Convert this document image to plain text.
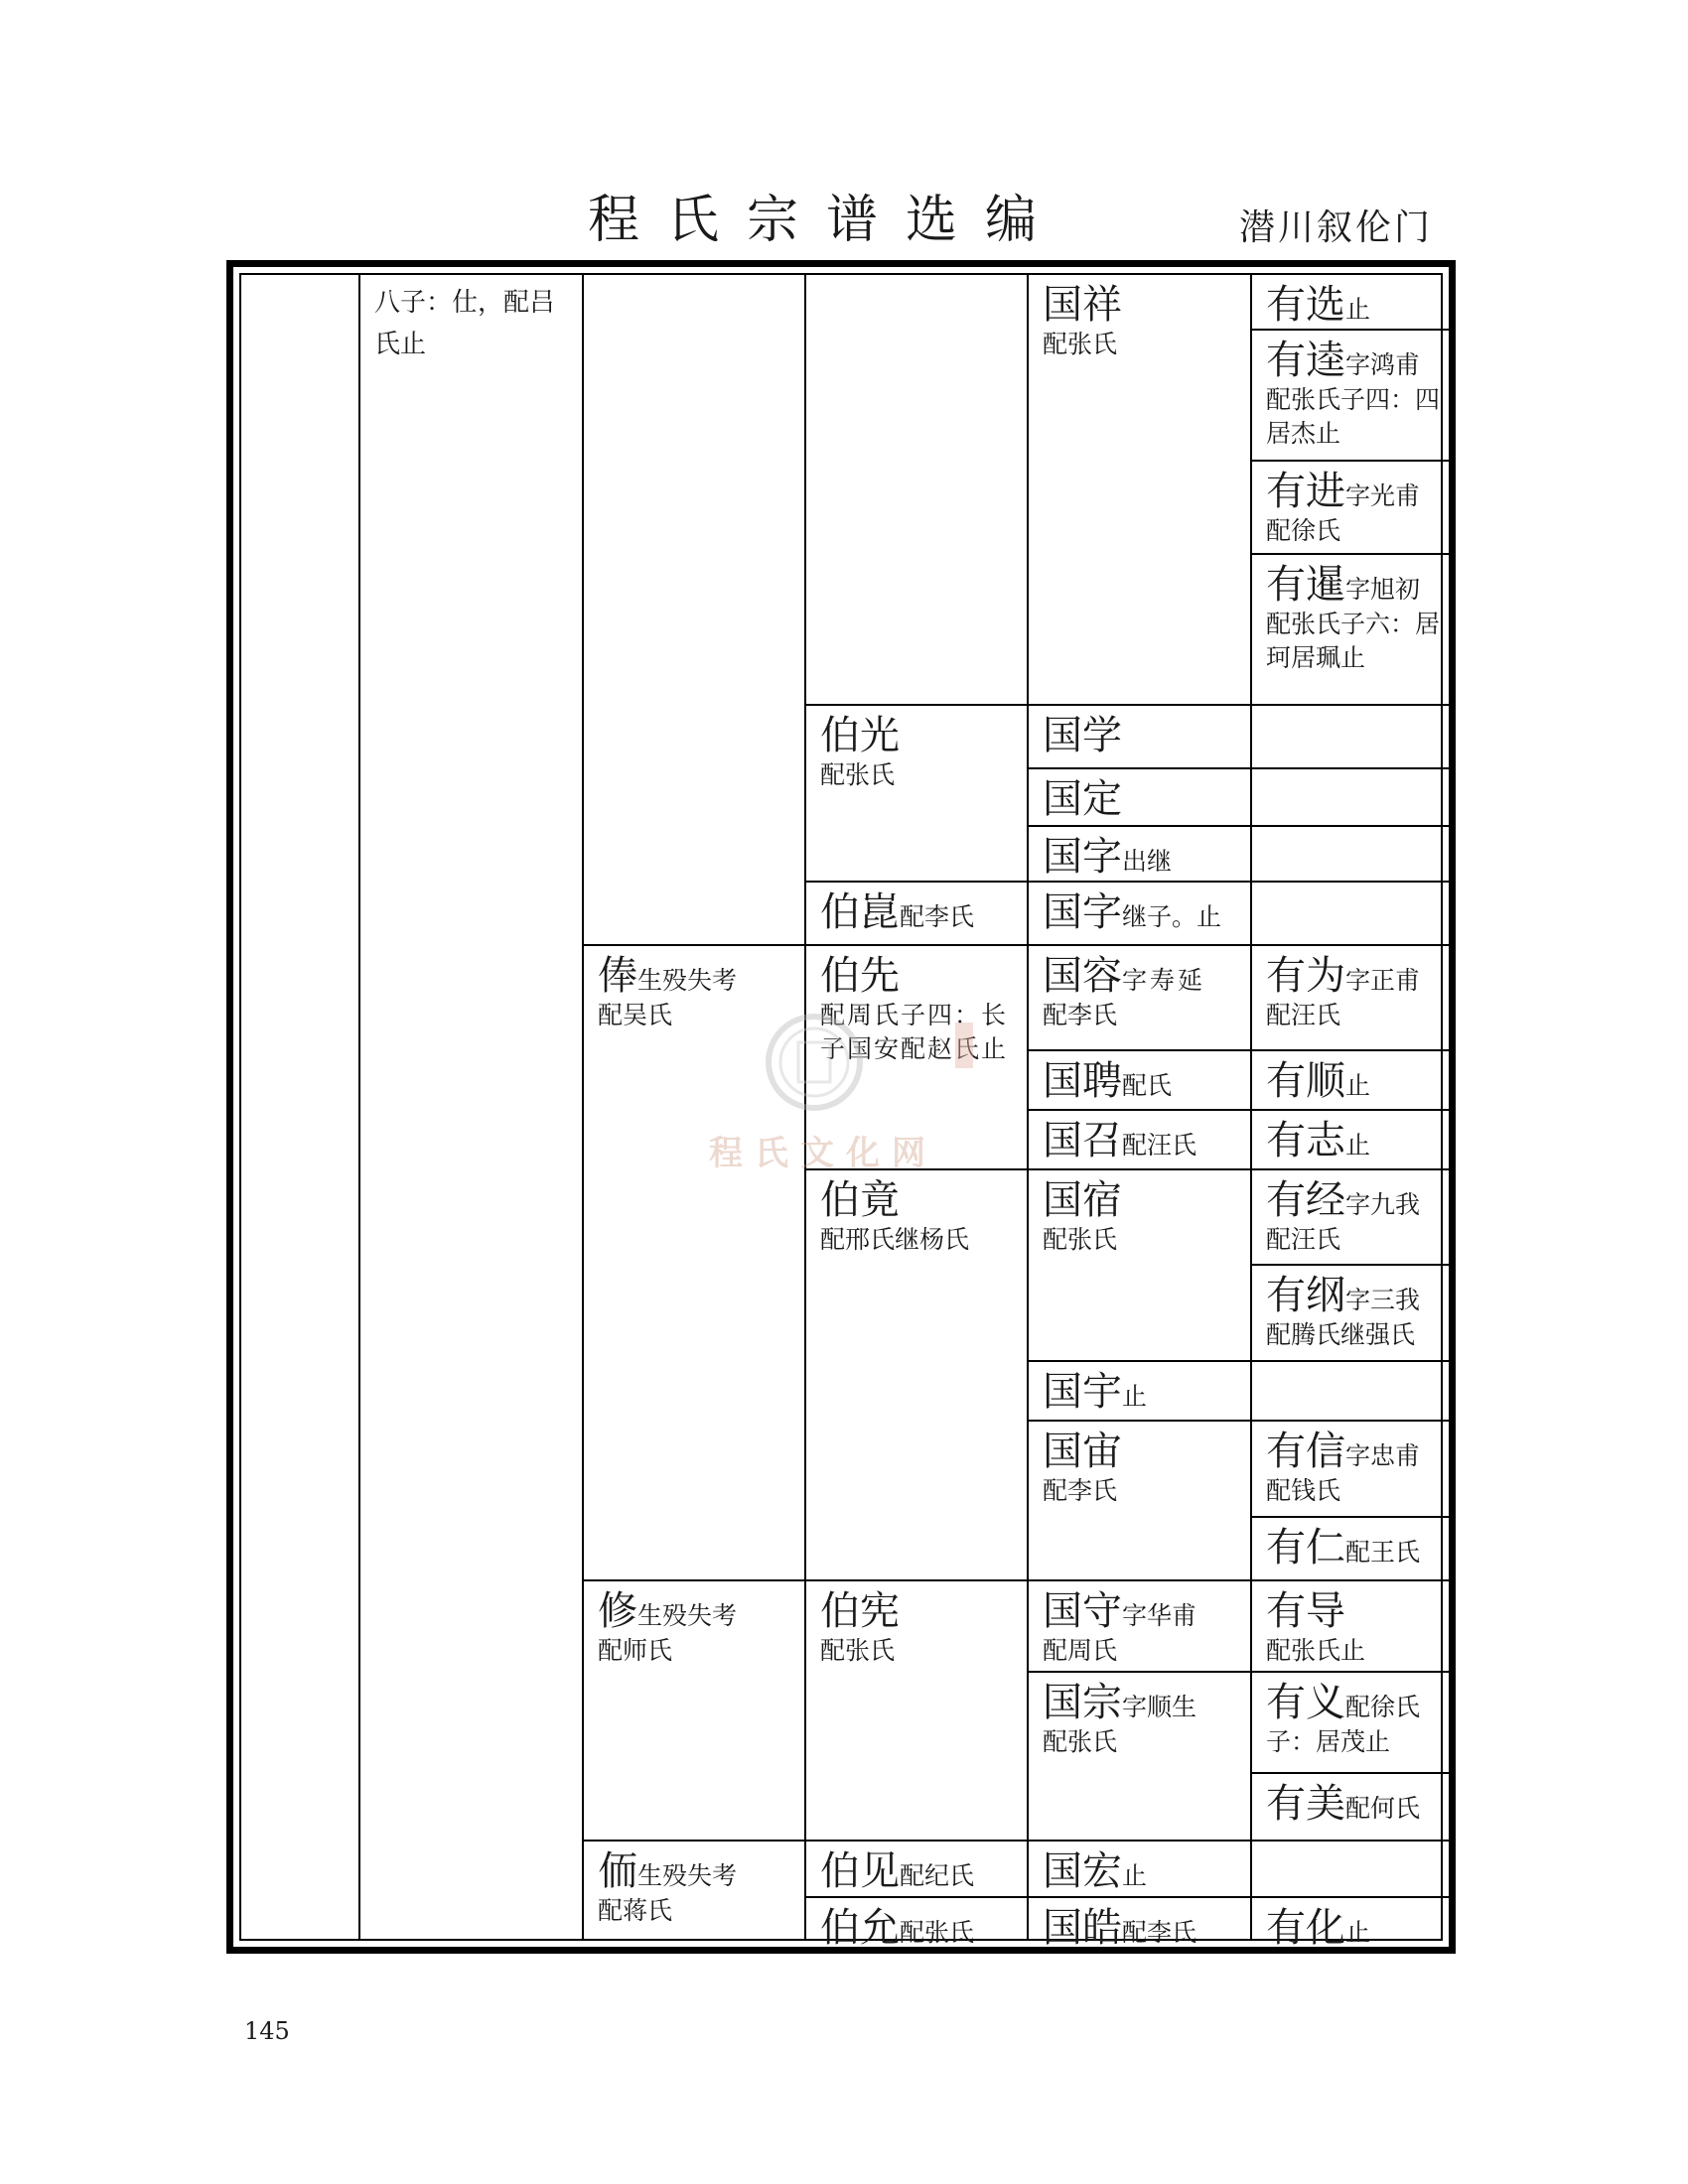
程氏宗谱选编	潜川叙伦门
八子：仕，配吕氏止
俸生殁失考
配吴氏
修生殁失考
配师氏
侕生殁失考
配蒋氏
伯光
配张氏
伯崑配李氏
伯先
配周氏子四：长子国安配赵氏止
伯竟
配邢氏继杨氏
伯宪
配张氏
伯见配纪氏
伯允配张氏
国祥
配张氏
国学
国定
国字出继
国字继子。止
国容字寿延
配李氏
国聘配氏
国召配汪氏
国宿
配张氏
国宇止
国宙
配李氏
国守字华甫
配周氏
国宗字顺生
配张氏
国宏止
国皓配李氏
有选止
有逵字鸿甫
配张氏子四：四居杰止
有进字光甫
配徐氏
有暹字旭初
配张氏子六：居珂居珮止
有为字正甫
配汪氏
有顺止
有志止
有经字九我
配汪氏
有纲字三我
配腾氏继强氏
有信字忠甫
配钱氏
有仁配王氏
有导
配张氏止
有义配徐氏
子：居茂止
有美配何氏
有化止
程氏文化网
145
